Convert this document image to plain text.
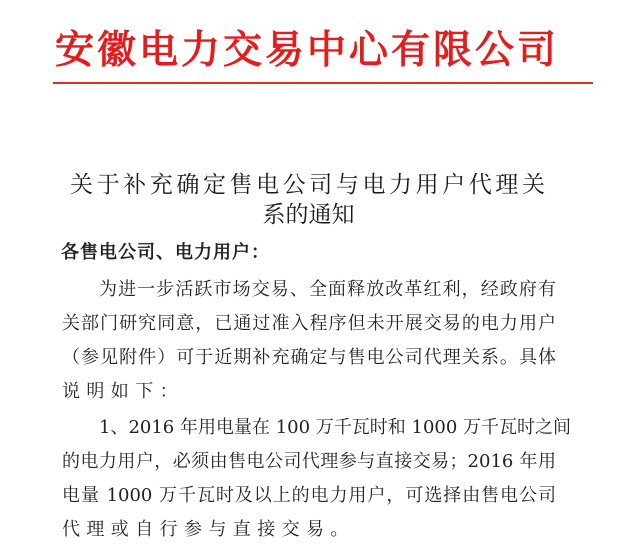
安徽电力交易中心有限公司
关于补充确定售电公司与电力用户代理关
系的通知
各售电公司、电力用户：
为进一步活跃市场交易、全面释放改革红利，经政府有
关部门研究同意，已通过准入程序但未开展交易的电力用户
（参见附件）可于近期补充确定与售电公司代理关系。具体
说明如下：
1、2016 年用电量在 100 万千瓦时和 1000 万千瓦时之间
的电力用户，必须由售电公司代理参与直接交易；2016 年用
电量 1000 万千瓦时及以上的电力用户，可选择由售电公司
代理或自行参与直接交易。
